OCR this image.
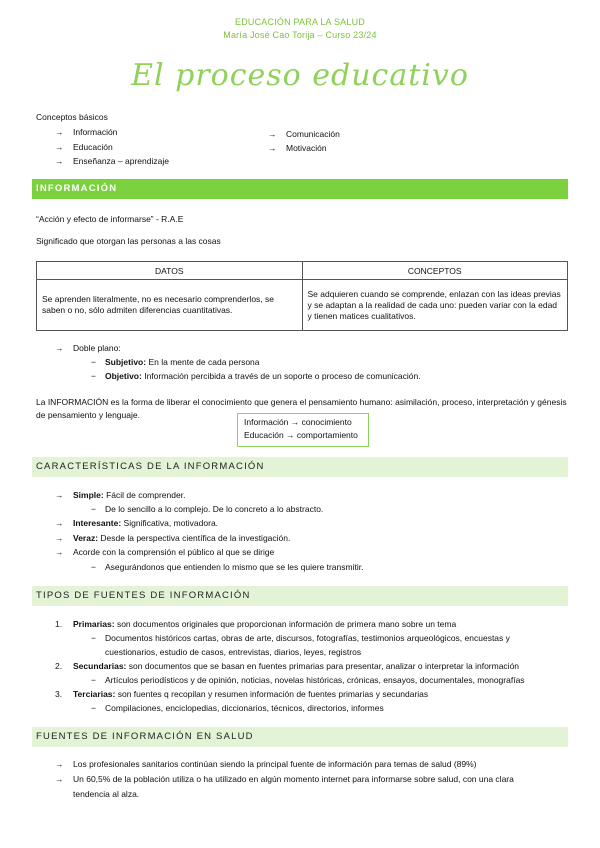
EDUCACIÓN PARA LA SALUD
María José Cao Torija – Curso 23/24
El proceso educativo
Conceptos básicos
→ Información
→ Educación
→ Enseñanza – aprendizaje
→ Comunicación
→ Motivación
INFORMACIÓN
“Acción y efecto de informarse” - R.A.E
Significado que otorgan las personas a las cosas
DATOS	CONCEPTOS
Se aprenden literalmente, no es necesario comprenderlos, se saben o no, sólo admiten diferencias cuantitativas.	Se adquieren cuando se comprende, enlazan con las ideas previas y se adaptan a la realidad de cada uno: pueden variar con la edad y tienen matices cualitativos.
→ Doble plano:
− Subjetivo: En la mente de cada persona
− Objetivo: Información percibida a través de un soporte o proceso de comunicación.
La INFORMACIÓN es la forma de liberar el conocimiento que genera el pensamiento humano: asimilación, proceso, interpretación y génesis de pensamiento y lenguaje.
Información → conocimiento
Educación → comportamiento
CARACTERÍSTICAS DE LA INFORMACIÓN
→ Simple: Fácil de comprender.
− De lo sencillo a lo complejo. De lo concreto a lo abstracto.
→ Interesante: Significativa, motivadora.
→ Veraz: Desde la perspectiva científica de la investigación.
→ Acorde con la comprensión el público al que se dirige
− Asegurándonos que entienden lo mismo que se les quiere transmitir.
TIPOS DE FUENTES DE INFORMACIÓN
1. Primarias: son documentos originales que proporcionan información de primera mano sobre un tema
− Documentos históricos cartas, obras de arte, discursos, fotografías, testimonios arqueológicos, encuestas y
cuestionarios, estudio de casos, entrevistas, diarios, leyes, registros
2. Secundarias: son documentos que se basan en fuentes primarias para presentar, analizar o interpretar la información
− Artículos periodísticos y de opinión, noticias, novelas históricas, crónicas, ensayos, documentales, monografías
3. Terciarias: son fuentes q recopilan y resumen información de fuentes primarias y secundarias
− Compilaciones, enciclopedias, diccionarios, técnicos, directorios, informes
FUENTES DE INFORMACIÓN EN SALUD
→ Los profesionales sanitarios continúan siendo la principal fuente de información para temas de salud (89%)
→ Un 60,5% de la población utiliza o ha utilizado en algún momento internet para informarse sobre salud, con una clara
tendencia al alza.
